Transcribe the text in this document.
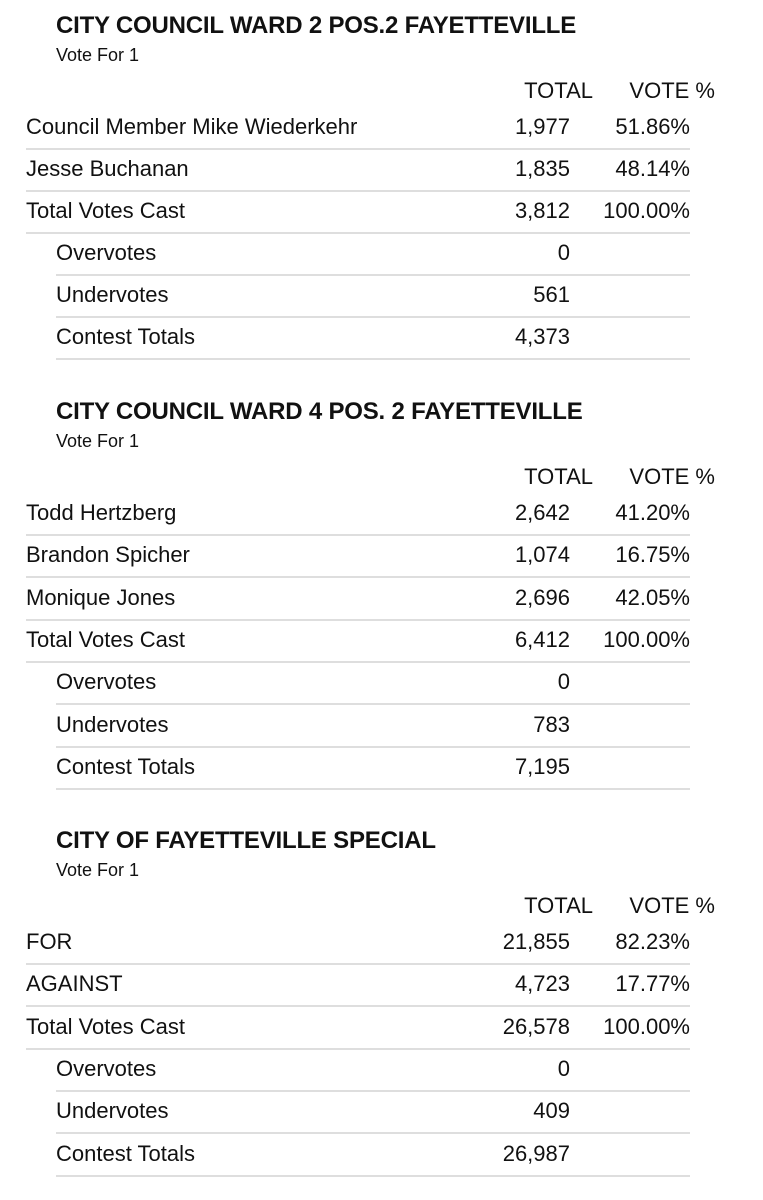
CITY COUNCIL WARD 2 POS.2 FAYETTEVILLE
Vote For 1
TOTAL VOTE %
Council Member Mike Wiederkehr	1,977 51.86%
Jesse Buchanan	1,835 48.14%
Total Votes Cast	3,812 100.00%
Overvotes	0
Undervotes	561
Contest Totals	4,373
CITY COUNCIL WARD 4 POS. 2 FAYETTEVILLE
Vote For 1
TOTAL VOTE %
Todd Hertzberg	2,642 41.20%
Brandon Spicher	1,074 16.75%
Monique Jones	2,696 42.05%
Total Votes Cast	6,412 100.00%
Overvotes	0
Undervotes	783
Contest Totals	7,195
CITY OF FAYETTEVILLE SPECIAL
Vote For 1
TOTAL VOTE %
FOR	21,855 82.23%
AGAINST	4,723 17.77%
Total Votes Cast	26,578 100.00%
Overvotes	0
Undervotes	409
Contest Totals	26,987
